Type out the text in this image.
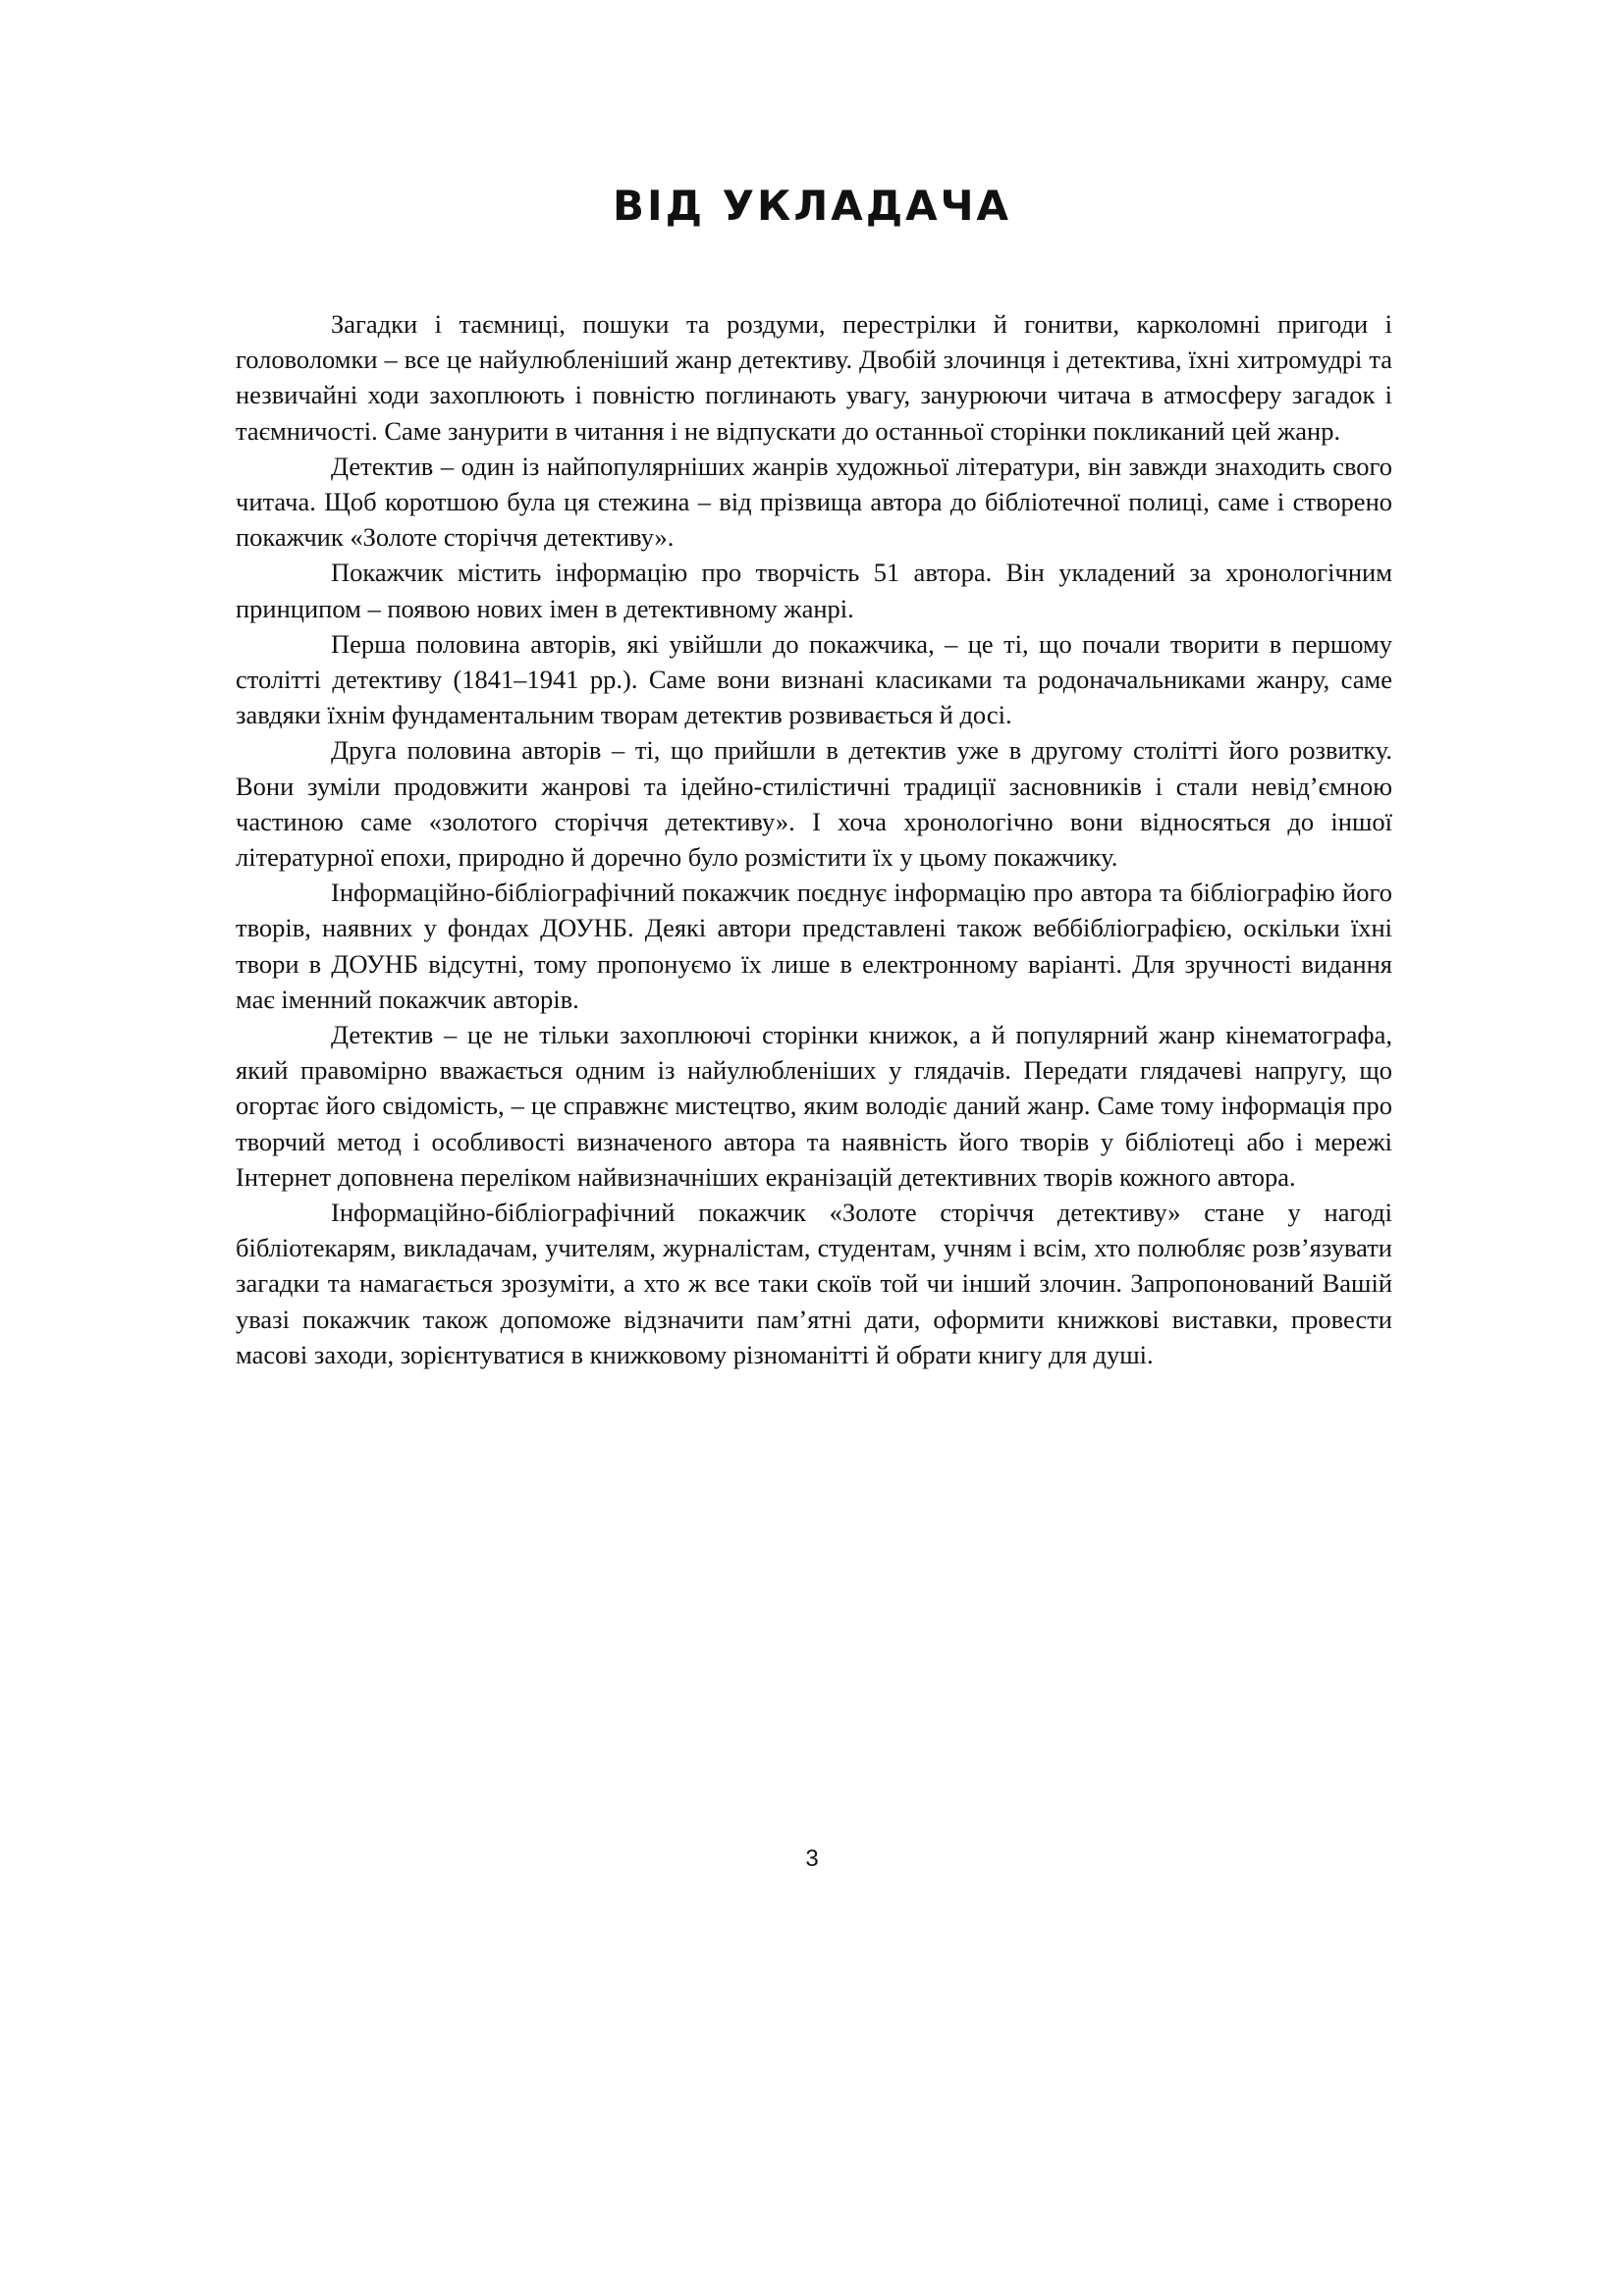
ВІД УКЛАДАЧА

Загадки і таємниці, пошуки та роздуми, перестрілки й гонитви, карколомні пригоди і головоломки – все це найулюбленіший жанр детективу. Двобій злочинця і детектива, їхні хитромудрі та незвичайні ходи захоплюють і повністю поглинають увагу, занурюючи читача в атмосферу загадок і таємничості. Саме занурити в читання і не відпускати до останньої сторінки покликаний цей жанр.

Детектив – один із найпопулярніших жанрів художньої літератури, він завжди знаходить свого читача. Щоб коротшою була ця стежина – від прізвища автора до бібліотечної полиці, саме і створено покажчик «Золоте сторіччя детективу».

Покажчик містить інформацію про творчість 51 автора. Він укладений за хронологічним принципом – появою нових імен в детективному жанрі.

Перша половина авторів, які увійшли до покажчика, – це ті, що почали творити в першому столітті детективу (1841–1941 рр.). Саме вони визнані класиками та родоначальниками жанру, саме завдяки їхнім фундаментальним творам детектив розвивається й досі.

Друга половина авторів – ті, що прийшли в детектив уже в другому столітті його розвитку. Вони зуміли продовжити жанрові та ідейно-стилістичні традиції засновників і стали невід’ємною частиною саме «золотого сторіччя детективу». І хоча хронологічно вони відносяться до іншої літературної епохи, природно й доречно було розмістити їх у цьому покажчику.

Інформаційно-бібліографічний покажчик поєднує інформацію про автора та бібліографію його творів, наявних у фондах ДОУНБ. Деякі автори представлені також веббібліографією, оскільки їхні твори в ДОУНБ відсутні, тому пропонуємо їх лише в електронному варіанті. Для зручності видання має іменний покажчик авторів.

Детектив – це не тільки захоплюючі сторінки книжок, а й популярний жанр кінематографа, який правомірно вважається одним із найулюбленіших у глядачів. Передати глядачеві напругу, що огортає його свідомість, – це справжнє мистецтво, яким володіє даний жанр. Саме тому інформація про творчий метод і особливості визначеного автора та наявність його творів у бібліотеці або і мережі Інтернет доповнена переліком найвизначніших екранізацій детективних творів кожного автора.

Інформаційно-бібліографічний покажчик «Золоте сторіччя детективу» стане у нагоді бібліотекарям, викладачам, учителям, журналістам, студентам, учням і всім, хто полюбляє розв’язувати загадки та намагається зрозуміти, а хто ж все таки скоїв той чи інший злочин. Запропонований Вашій увазі покажчик також допоможе відзначити пам’ятні дати, оформити книжкові виставки, провести масові заходи, зорієнтуватися в книжковому різноманітті й обрати книгу для душі.

3
